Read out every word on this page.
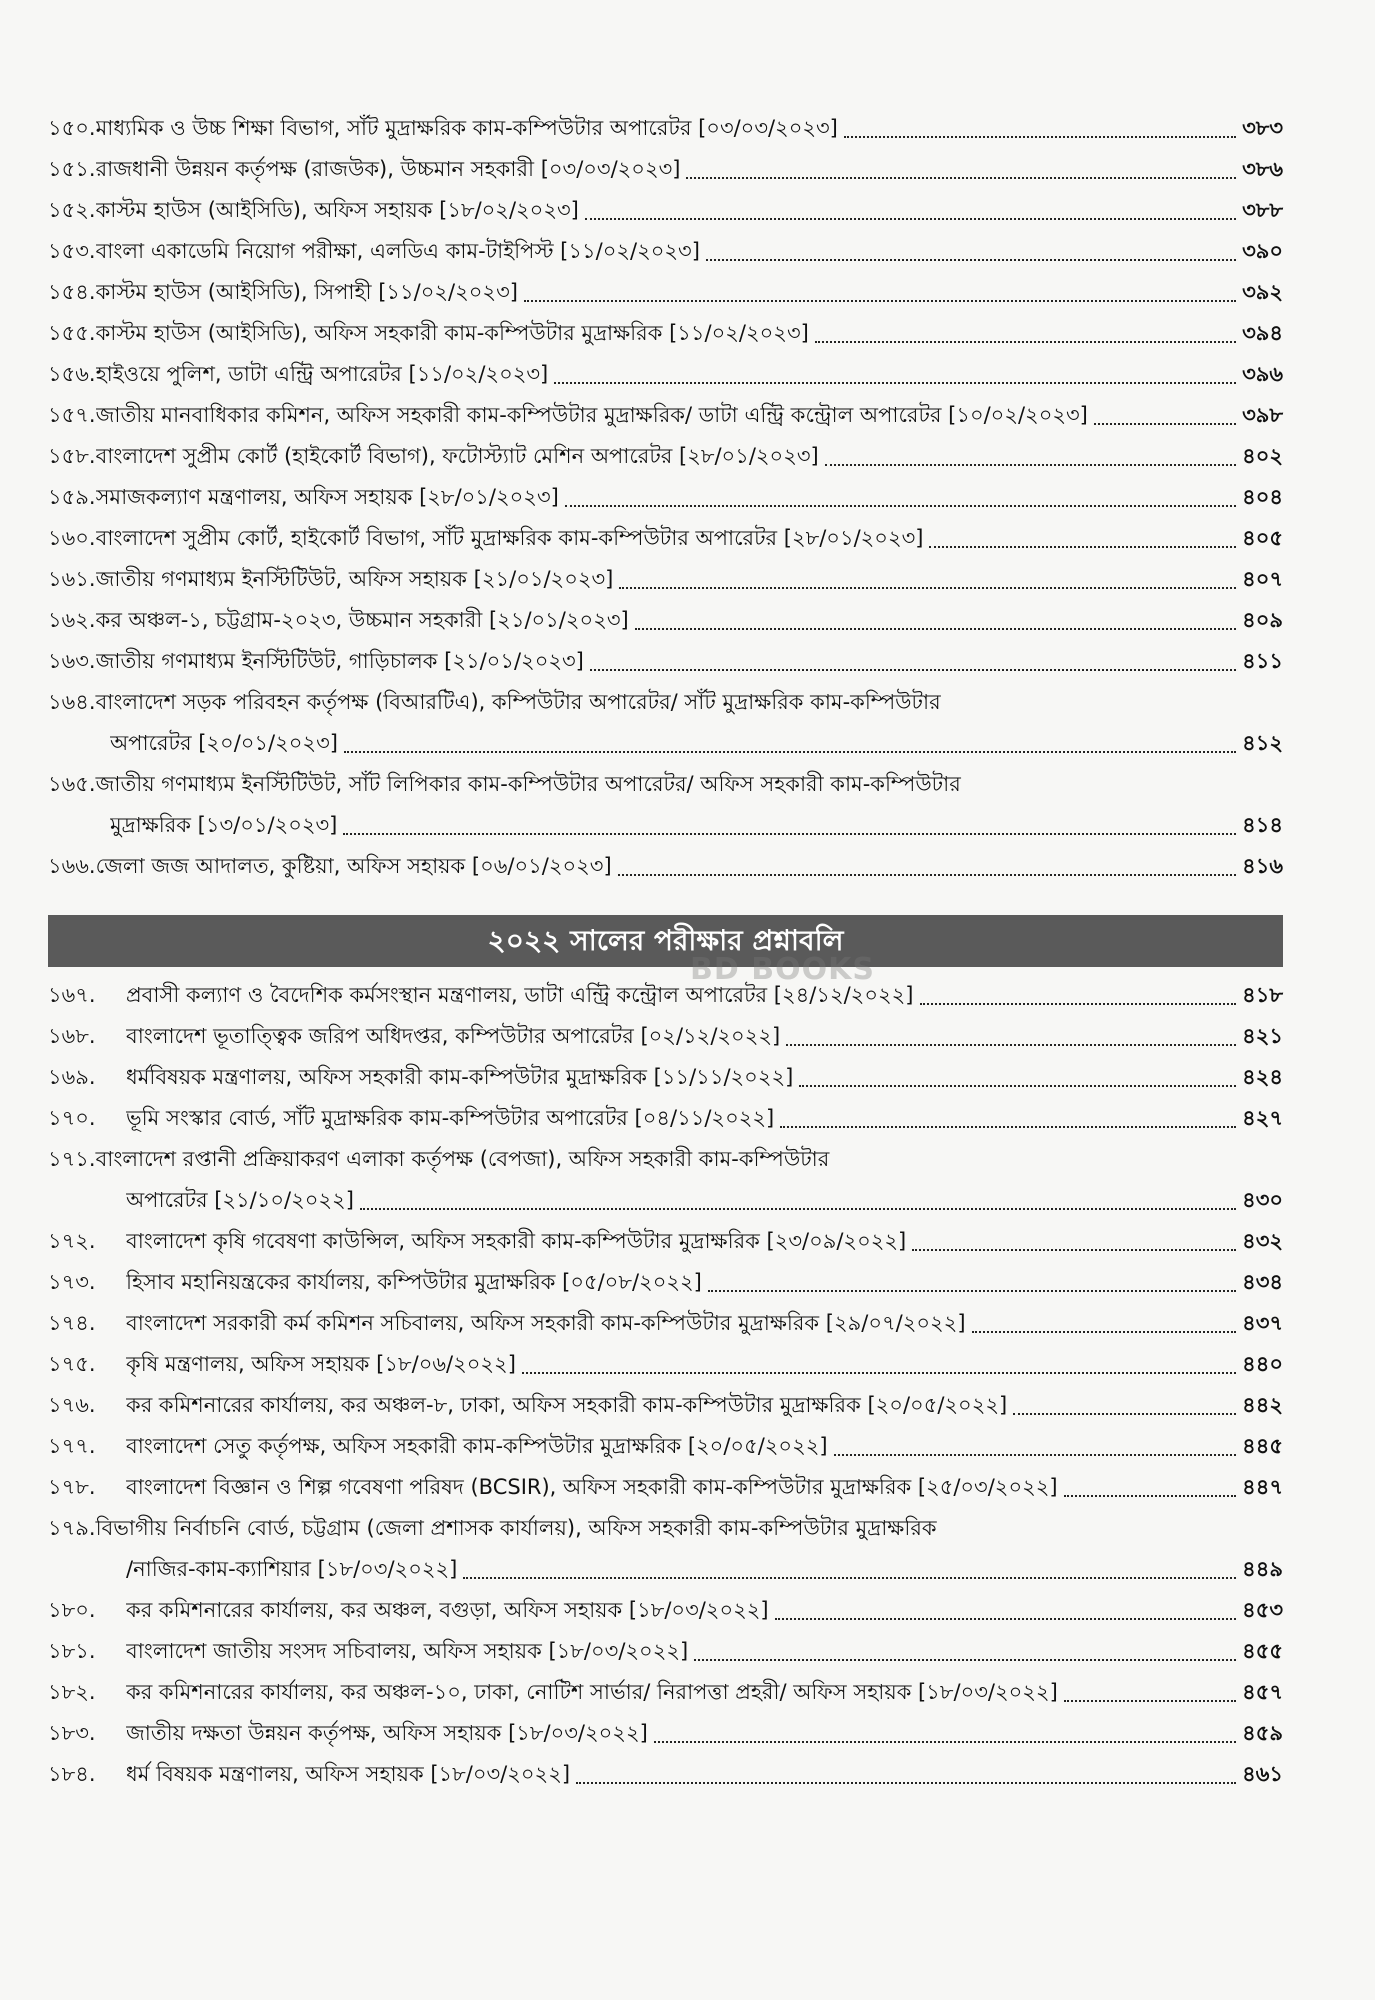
১৫০. মাধ্যমিক ও উচ্চ শিক্ষা বিভাগ, সাঁট মুদ্রাক্ষরিক কাম-কম্পিউটার অপারেটর [০৩/০৩/২০২৩]	৩৮৩
১৫১. রাজধানী উন্নয়ন কর্তৃপক্ষ (রাজউক), উচ্চমান সহকারী [০৩/০৩/২০২৩]	৩৮৬
১৫২. কাস্টম হাউস (আইসিডি), অফিস সহায়ক [১৮/০২/২০২৩]	৩৮৮
১৫৩. বাংলা একাডেমি নিয়োগ পরীক্ষা, এলডিএ কাম-টাইপিস্ট [১১/০২/২০২৩]	৩৯০
১৫৪. কাস্টম হাউস (আইসিডি), সিপাহী [১১/০২/২০২৩]	৩৯২
১৫৫. কাস্টম হাউস (আইসিডি), অফিস সহকারী কাম-কম্পিউটার মুদ্রাক্ষরিক [১১/০২/২০২৩]	৩৯৪
১৫৬. হাইওয়ে পুলিশ, ডাটা এন্ট্রি অপারেটর [১১/০২/২০২৩]	৩৯৬
১৫৭. জাতীয় মানবাধিকার কমিশন, অফিস সহকারী কাম-কম্পিউটার মুদ্রাক্ষরিক/ ডাটা এন্ট্রি কন্ট্রোল অপারেটর [১০/০২/২০২৩]	৩৯৮
১৫৮. বাংলাদেশ সুপ্রীম কোর্ট (হাইকোর্ট বিভাগ), ফটোস্ট্যাট মেশিন অপারেটর [২৮/০১/২০২৩]	৪০২
১৫৯. সমাজকল্যাণ মন্ত্রণালয়, অফিস সহায়ক [২৮/০১/২০২৩]	৪০৪
১৬০. বাংলাদেশ সুপ্রীম কোর্ট, হাইকোর্ট বিভাগ, সাঁট মুদ্রাক্ষরিক কাম-কম্পিউটার অপারেটর [২৮/০১/২০২৩]	৪০৫
১৬১. জাতীয় গণমাধ্যম ইনস্টিটিউট, অফিস সহায়ক [২১/০১/২০২৩]	৪০৭
১৬২. কর অঞ্চল-১, চট্টগ্রাম-২০২৩, উচ্চমান সহকারী [২১/০১/২০২৩]	৪০৯
১৬৩. জাতীয় গণমাধ্যম ইনস্টিটিউট, গাড়িচালক [২১/০১/২০২৩]	৪১১
১৬৪.বাংলাদেশ সড়ক পরিবহন কর্তৃপক্ষ (বিআরটিএ), কম্পিউটার অপারেটর/ সাঁট মুদ্রাক্ষরিক কাম-কম্পিউটার
অপারেটর [২০/০১/২০২৩]	৪১২
১৬৫.জাতীয় গণমাধ্যম ইনস্টিটিউট, সাঁট লিপিকার কাম-কম্পিউটার অপারেটর/ অফিস সহকারী কাম-কম্পিউটার
মুদ্রাক্ষরিক [১৩/০১/২০২৩]	৪১৪
১৬৬. জেলা জজ আদালত, কুষ্টিয়া, অফিস সহায়ক [০৬/০১/২০২৩]	৪১৬
২০২২ সালের পরীক্ষার প্রশ্নাবলি
১৬৭.	প্রবাসী কল্যাণ ও বৈদেশিক কর্মসংস্থান মন্ত্রণালয়, ডাটা এন্ট্রি কন্ট্রোল অপারেটর [২৪/১২/২০২২]	৪১৮
১৬৮.	বাংলাদেশ ভূতাত্ত্বিক জরিপ অধিদপ্তর, কম্পিউটার অপারেটর [০২/১২/২০২২]	৪২১
১৬৯.	ধর্মবিষয়ক মন্ত্রণালয়, অফিস সহকারী কাম-কম্পিউটার মুদ্রাক্ষরিক [১১/১১/২০২২]	৪২৪
১৭০.	ভূমি সংস্কার বোর্ড, সাঁট মুদ্রাক্ষরিক কাম-কম্পিউটার অপারেটর [০৪/১১/২০২২]	৪২৭
১৭১.বাংলাদেশ রপ্তানী প্রক্রিয়াকরণ এলাকা কর্তৃপক্ষ (বেপজা), অফিস সহকারী কাম-কম্পিউটার
অপারেটর [২১/১০/২০২২]	৪৩০
১৭২.	বাংলাদেশ কৃষি গবেষণা কাউন্সিল, অফিস সহকারী কাম-কম্পিউটার মুদ্রাক্ষরিক [২৩/০৯/২০২২]	৪৩২
১৭৩.	হিসাব মহানিয়ন্ত্রকের কার্যালয়, কম্পিউটার মুদ্রাক্ষরিক [০৫/০৮/২০২২]	৪৩৪
১৭৪.	বাংলাদেশ সরকারী কর্ম কমিশন সচিবালয়, অফিস সহকারী কাম-কম্পিউটার মুদ্রাক্ষরিক [২৯/০৭/২০২২]	৪৩৭
১৭৫.	কৃষি মন্ত্রণালয়, অফিস সহায়ক [১৮/০৬/২০২২]	৪৪০
১৭৬.	কর কমিশনারের কার্যালয়, কর অঞ্চল-৮, ঢাকা, অফিস সহকারী কাম-কম্পিউটার মুদ্রাক্ষরিক [২০/০৫/২০২২]	৪৪২
১৭৭.	বাংলাদেশ সেতু কর্তৃপক্ষ, অফিস সহকারী কাম-কম্পিউটার মুদ্রাক্ষরিক [২০/০৫/২০২২]	৪৪৫
১৭৮.	বাংলাদেশ বিজ্ঞান ও শিল্প গবেষণা পরিষদ (BCSIR), অফিস সহকারী কাম-কম্পিউটার মুদ্রাক্ষরিক [২৫/০৩/২০২২]	৪৪৭
১৭৯.বিভাগীয় নির্বাচনি বোর্ড, চট্টগ্রাম (জেলা প্রশাসক কার্যালয়), অফিস সহকারী কাম-কম্পিউটার মুদ্রাক্ষরিক
/নাজির-কাম-ক্যাশিয়ার [১৮/০৩/২০২২]	৪৪৯
১৮০.	কর কমিশনারের কার্যালয়, কর অঞ্চল, বগুড়া, অফিস সহায়ক [১৮/০৩/২০২২]	৪৫৩
১৮১.	বাংলাদেশ জাতীয় সংসদ সচিবালয়, অফিস সহায়ক [১৮/০৩/২০২২]	৪৫৫
১৮২.	কর কমিশনারের কার্যালয়, কর অঞ্চল-১০, ঢাকা, নোটিশ সার্ভার/ নিরাপত্তা প্রহরী/ অফিস সহায়ক [১৮/০৩/২০২২]	৪৫৭
১৮৩.	জাতীয় দক্ষতা উন্নয়ন কর্তৃপক্ষ, অফিস সহায়ক [১৮/০৩/২০২২]	৪৫৯
১৮৪.	ধর্ম বিষয়ক মন্ত্রণালয়, অফিস সহায়ক [১৮/০৩/২০২২]	৪৬১
BD BOOKS
